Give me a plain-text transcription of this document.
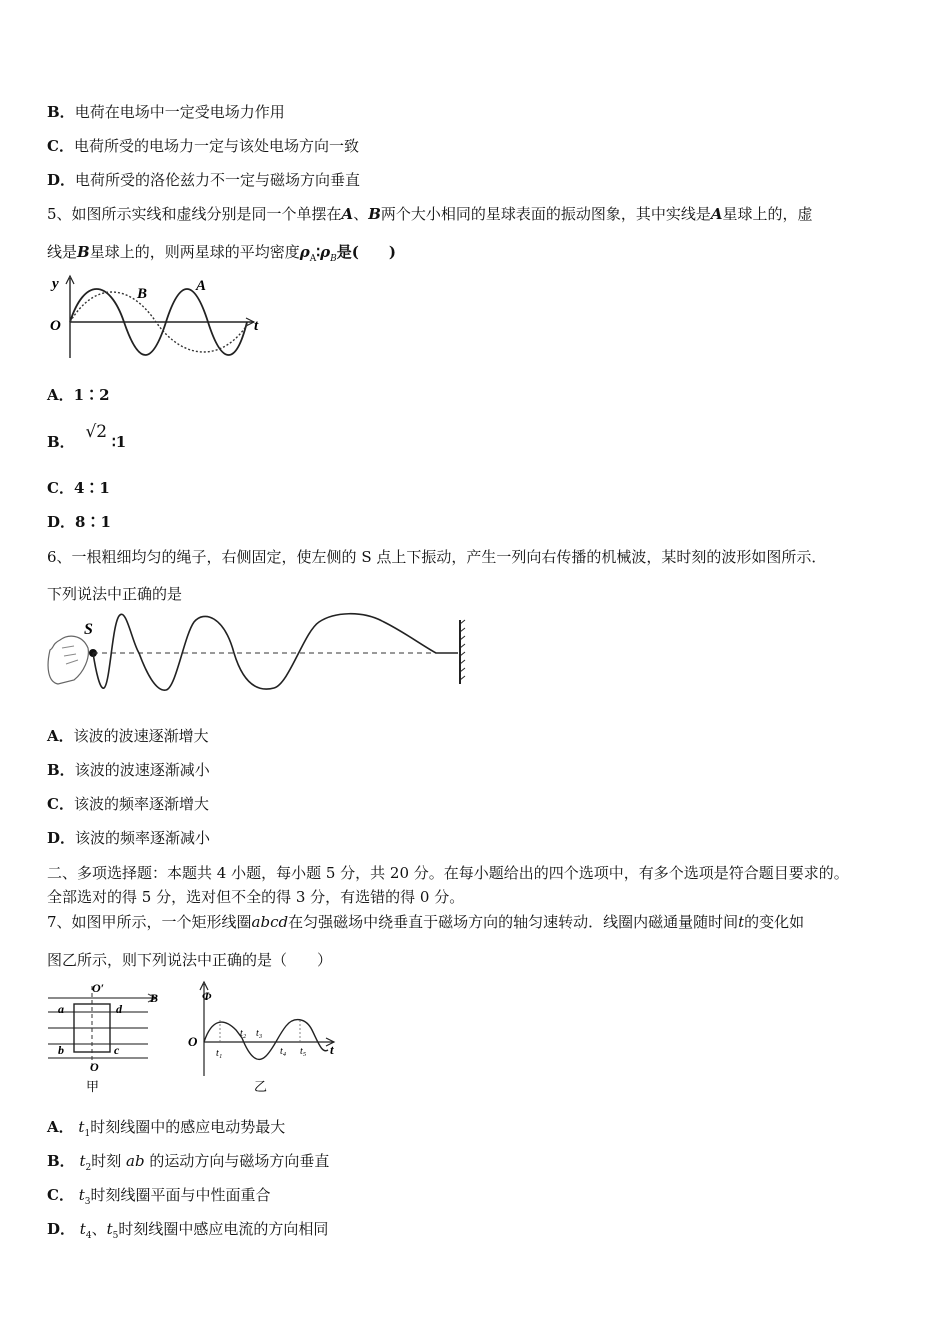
B．电荷在电场中一定受电场力作用
C．电荷所受的电场力一定与该处电场方向一致
D．电荷所受的洛伦兹力不一定与磁场方向垂直
5、如图所示实线和虚线分别是同一个单摆在A、B两个大小相同的星球表面的振动图象，其中实线是A星球上的，虚
线是B星球上的，则两星球的平均密度$\rho_A∶\rho_B$是(　　)
y
O	t
B	A
A．1∶2
B． √2 ∶1
C．4∶1
D．8∶1
6、一根粗细均匀的绳子，右侧固定，使左侧的 S 点上下振动，产生一列向右传播的机械波，某时刻的波形如图所示．
下列说法中正确的是
S
A．该波的波速逐渐增大
B．该波的波速逐渐减小
C．该波的频率逐渐增大
D．该波的频率逐渐减小
二、多项选择题：本题共 4 小题，每小题 5 分，共 20 分。在每小题给出的四个选项中，有多个选项是符合题目要求的。
全部选对的得 5 分，选对但不全的得 3 分，有选错的得 0 分。
7、如图甲所示，一个矩形线圈abcd在匀强磁场中绕垂直于磁场方向的轴匀速转动．线圈内磁通量随时间t的变化如
图乙所示，则下列说法中正确的是（　　）
O′
O
a
b	c
d
B
甲
Φ
O
t
t₁
t₂ t₃
t₄ t₅
乙
A． $t_1$时刻线圈中的感应电动势最大
B． $t_2$时刻 ab 的运动方向与磁场方向垂直
C． $t_3$时刻线圈平面与中性面重合
D． $t_4$、$t_5$时刻线圈中感应电流的方向相同
